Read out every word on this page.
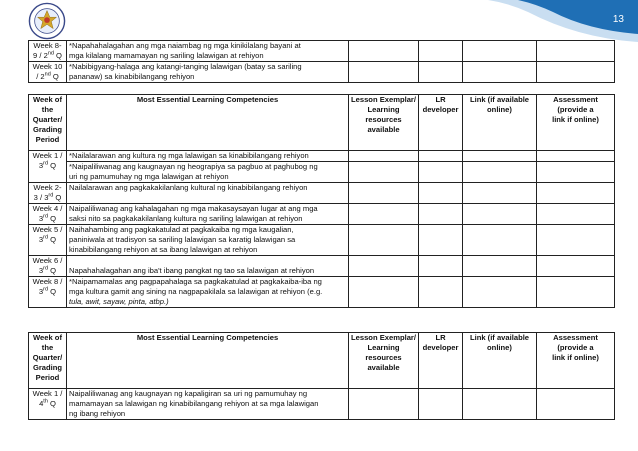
13
Week 8-
9 / 2nd Q	*Napahahalagahan ang mga naiambag ng mga kinikilalang bayani at
mga kilalang mamamayan ng sariling lalawigan at rehiyon				
Week 10
/ 2nd Q	*Nabibigyang-halaga ang katangi-tanging lalawigan (batay sa sariling
pananaw) sa kinabibilangang rehiyon				
Week of
the
Quarter/
Grading
Period	Most Essential Learning Competencies	Lesson Exemplar/
Learning
resources
available	LR
developer	Link (if available
online)	Assessment
(provide a
link if online)
Week 1 /
3rd Q	*Nailalarawan ang kultura ng mga lalawigan sa kinabibilangang rehiyon				
	*Naipaliliwanag ang kaugnayan ng heograpiya sa pagbuo at paghubog ng
uri ng pamumuhay ng mga lalawigan at rehiyon				
Week 2-
3 / 3rd Q	Nailalarawan ang pagkakakilanlang kultural ng kinabibilangang rehiyon				
Week 4 /
3rd Q	Naipaliliwanag ang kahalagahan ng mga makasaysayan lugar at ang mga
saksi nito sa pagkakakilanlang kultura ng sariling lalawigan at rehiyon				
Week 5 /
3rd Q	Naihahambing ang pagkakatulad at pagkakaiba ng mga kaugalian,
paniniwala at tradisyon sa sariling lalawigan sa karatig lalawigan sa
kinabibilangang rehiyon at sa ibang lalawigan at rehiyon				
Week 6 /
3rd Q	Napahahalagahan ang iba't ibang pangkat ng tao sa lalawigan at rehiyon				
Week 8 /
3rd Q	*Naipamamalas ang pagpapahalaga sa pagkakatulad at pagkakaiba-iba ng
mga kultura gamit ang sining na nagpapakilala sa lalawigan at rehiyon (e.g.
tula, awit, sayaw, pinta, atbp.)				
Week of
the
Quarter/
Grading
Period	Most Essential Learning Competencies	Lesson Exemplar/
Learning
resources
available	LR
developer	Link (if available
online)	Assessment
(provide a
link if online)
Week 1 /
4th Q	Naipaliliwanag ang kaugnayan ng kapaligiran sa uri ng pamumuhay ng
mamamayan sa lalawigan ng kinabibilangang rehiyon at sa mga lalawigan
ng ibang rehiyon				
